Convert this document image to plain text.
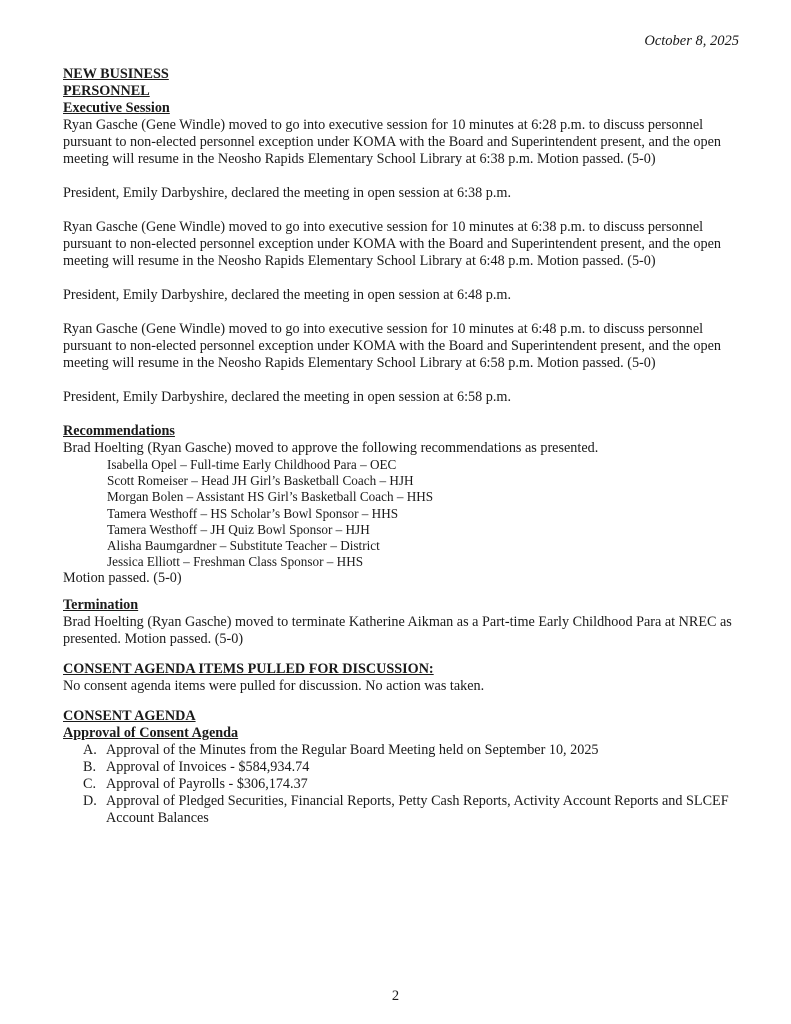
October 8, 2025
NEW BUSINESS
PERSONNEL
Executive Session

Ryan Gasche (Gene Windle) moved to go into executive session for 10 minutes at 6:28 p.m. to discuss personnel pursuant to non-elected personnel exception under KOMA with the Board and Superintendent present, and the open meeting will resume in the Neosho Rapids Elementary School Library at 6:38 p.m. Motion passed. (5-0)

President, Emily Darbyshire, declared the meeting in open session at 6:38 p.m.

Ryan Gasche (Gene Windle) moved to go into executive session for 10 minutes at 6:38 p.m. to discuss personnel pursuant to non-elected personnel exception under KOMA with the Board and Superintendent present, and the open meeting will resume in the Neosho Rapids Elementary School Library at 6:48 p.m. Motion passed. (5-0)

President, Emily Darbyshire, declared the meeting in open session at 6:48 p.m.

Ryan Gasche (Gene Windle) moved to go into executive session for 10 minutes at 6:48 p.m. to discuss personnel pursuant to non-elected personnel exception under KOMA with the Board and Superintendent present, and the open meeting will resume in the Neosho Rapids Elementary School Library at 6:58 p.m. Motion passed. (5-0)

President, Emily Darbyshire, declared the meeting in open session at 6:58 p.m.

Recommendations

Brad Hoelting (Ryan Gasche) moved to approve the following recommendations as presented.

Isabella Opel – Full-time Early Childhood Para – OEC
Scott Romeiser – Head JH Girl’s Basketball Coach – HJH
Morgan Bolen – Assistant HS Girl’s Basketball Coach – HHS
Tamera Westhoff – HS Scholar’s Bowl Sponsor – HHS
Tamera Westhoff – JH Quiz Bowl Sponsor – HJH
Alisha Baumgardner – Substitute Teacher – District
Jessica Elliott – Freshman Class Sponsor – HHS

Motion passed. (5-0)

Termination

Brad Hoelting (Ryan Gasche) moved to terminate Katherine Aikman as a Part-time Early Childhood Para at NREC as presented. Motion passed. (5-0)

CONSENT AGENDA ITEMS PULLED FOR DISCUSSION:

No consent agenda items were pulled for discussion. No action was taken.

CONSENT AGENDA
Approval of Consent Agenda
A. Approval of the Minutes from the Regular Board Meeting held on September 10, 2025
B. Approval of Invoices - $584,934.74
C. Approval of Payrolls - $306,174.37
D. Approval of Pledged Securities, Financial Reports, Petty Cash Reports, Activity Account Reports and SLCEF Account Balances
2
